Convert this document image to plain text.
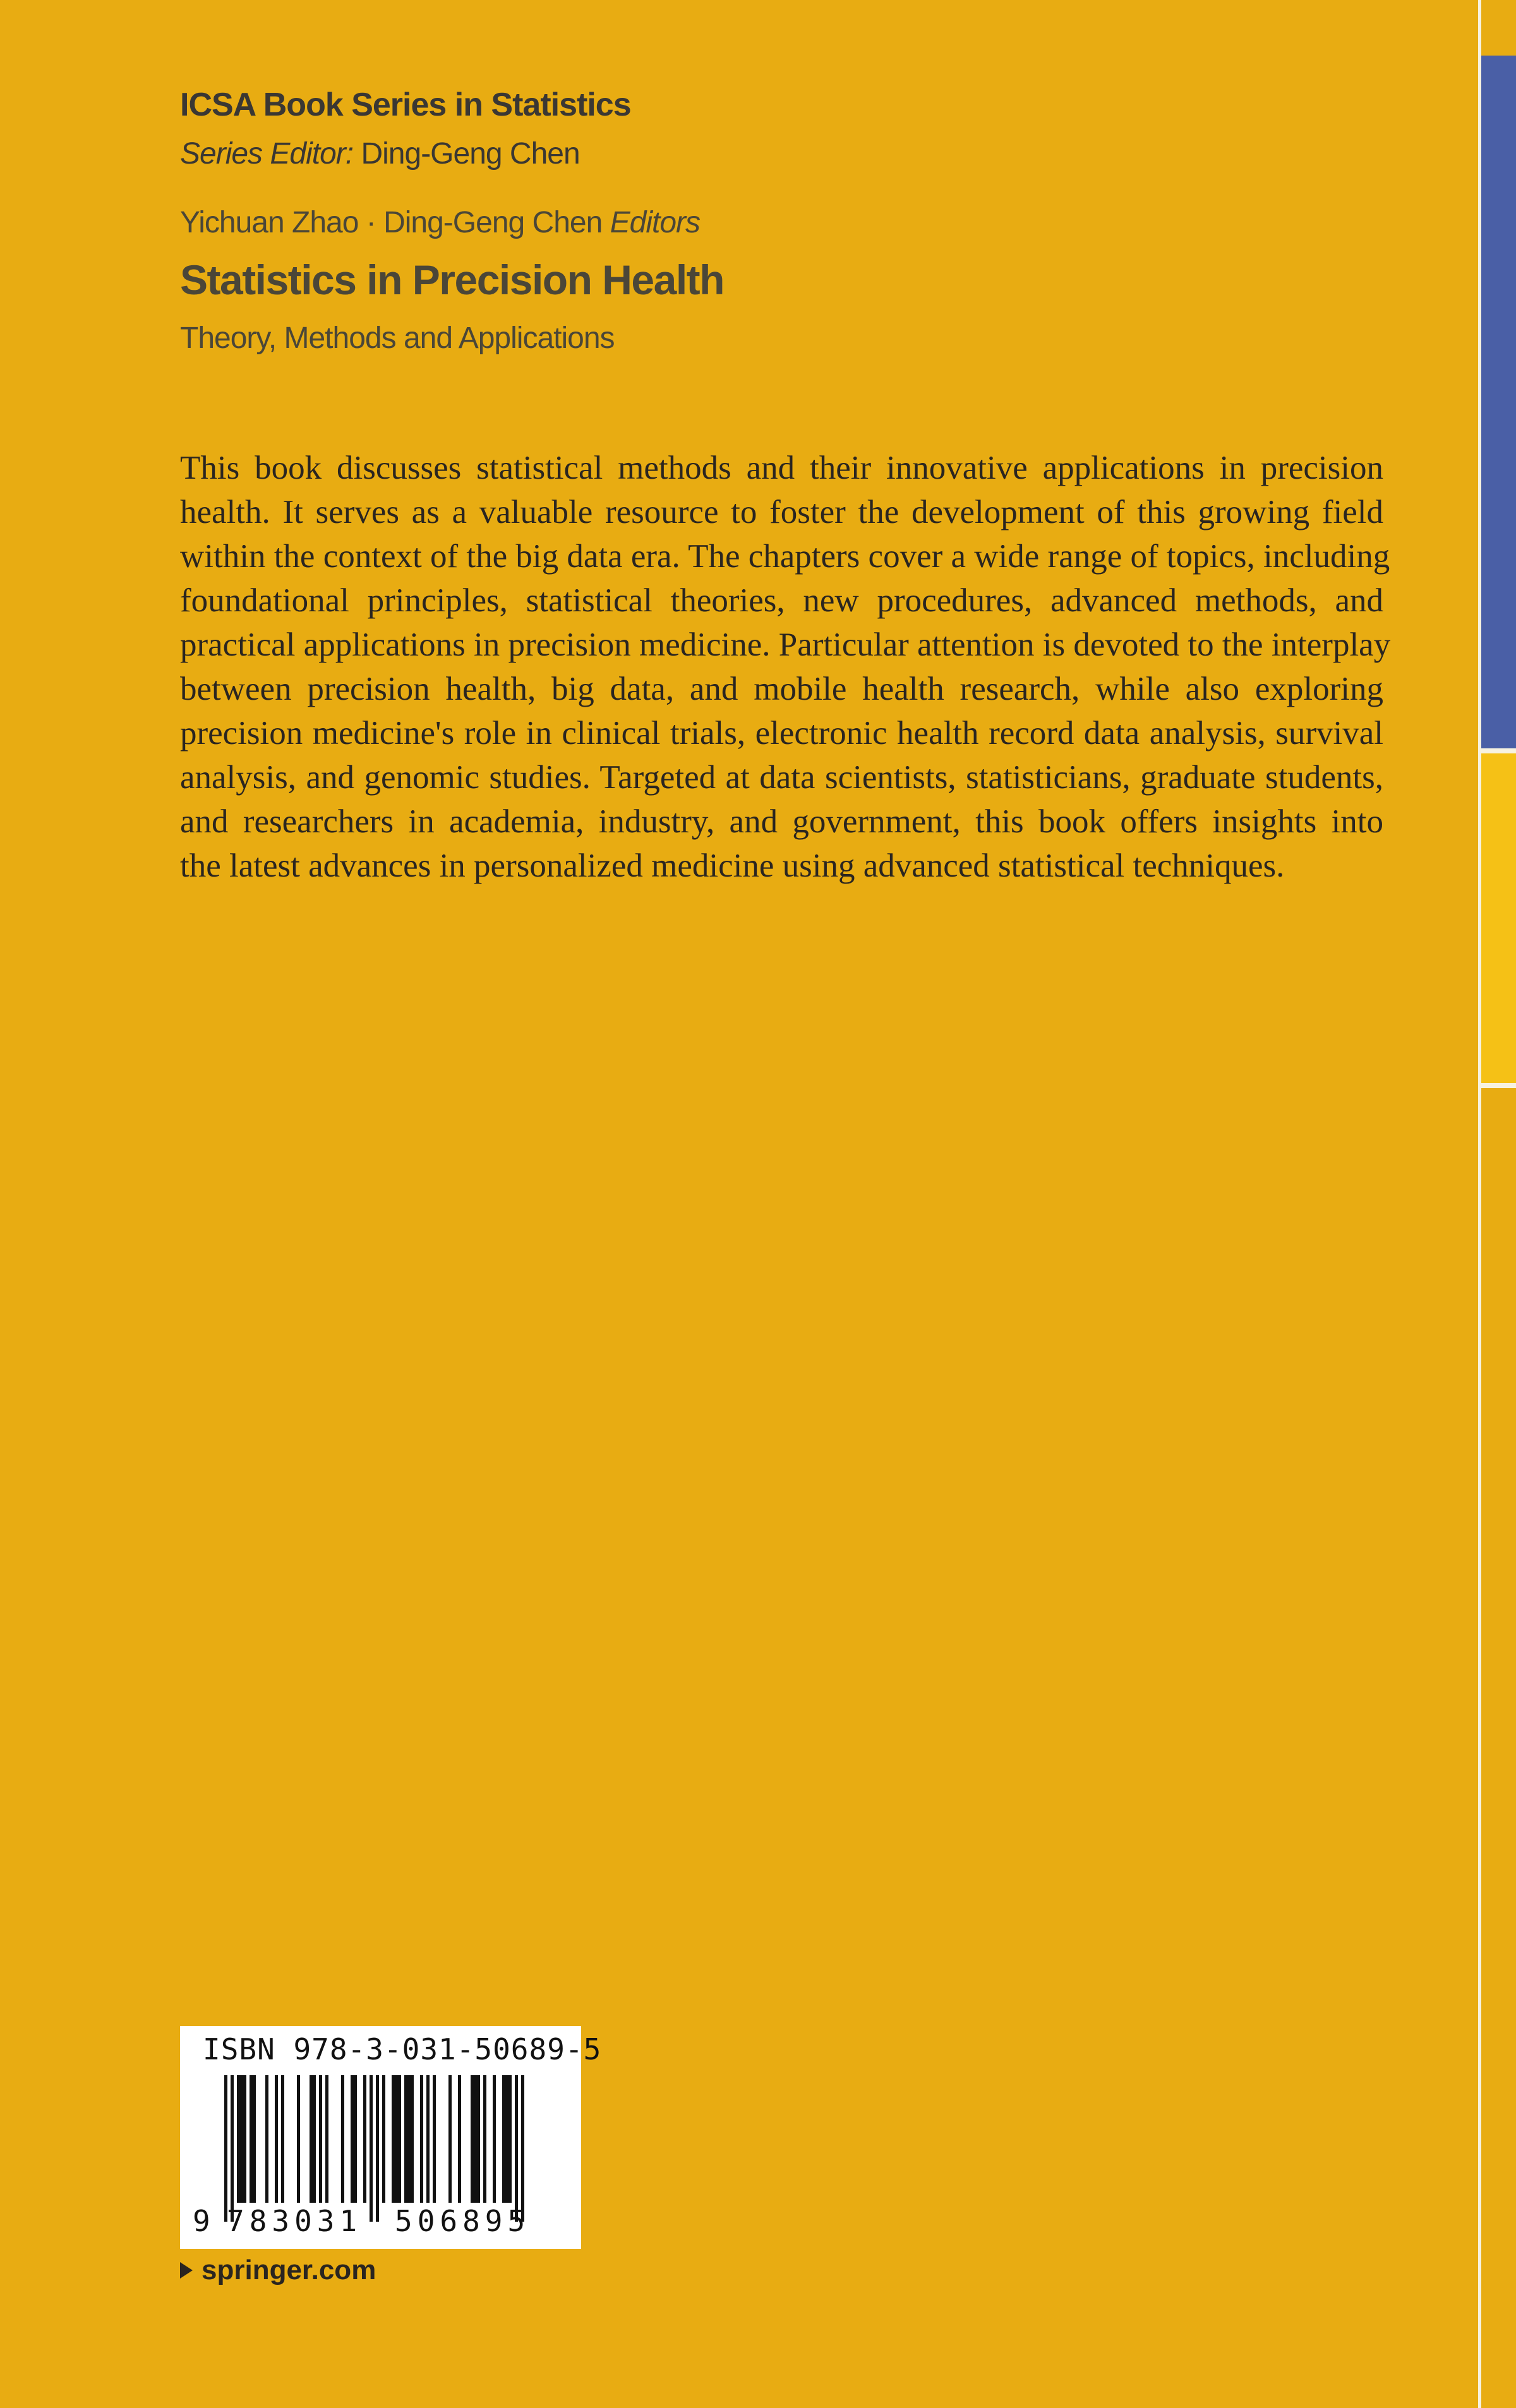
ICSA Book Series in Statistics
Series Editor: Ding-Geng Chen
Yichuan Zhao · Ding-Geng Chen Editors
Statistics in Precision Health
Theory, Methods and Applications
This book discusses statistical methods and their innovative applications in precision
health. It serves as a valuable resource to foster the development of this growing field
within the context of the big data era. The chapters cover a wide range of topics, including
foundational principles, statistical theories, new procedures, advanced methods, and
practical applications in precision medicine. Particular attention is devoted to the interplay
between precision health, big data, and mobile health research, while also exploring
precision medicine's role in clinical trials, electronic health record data analysis, survival
analysis, and genomic studies. Targeted at data scientists, statisticians, graduate students,
and researchers in academia, industry, and government, this book offers insights into
the latest advances in personalized medicine using advanced statistical techniques.
ISBN 978-3-031-50689-5
9 783031 506895
springer.com
